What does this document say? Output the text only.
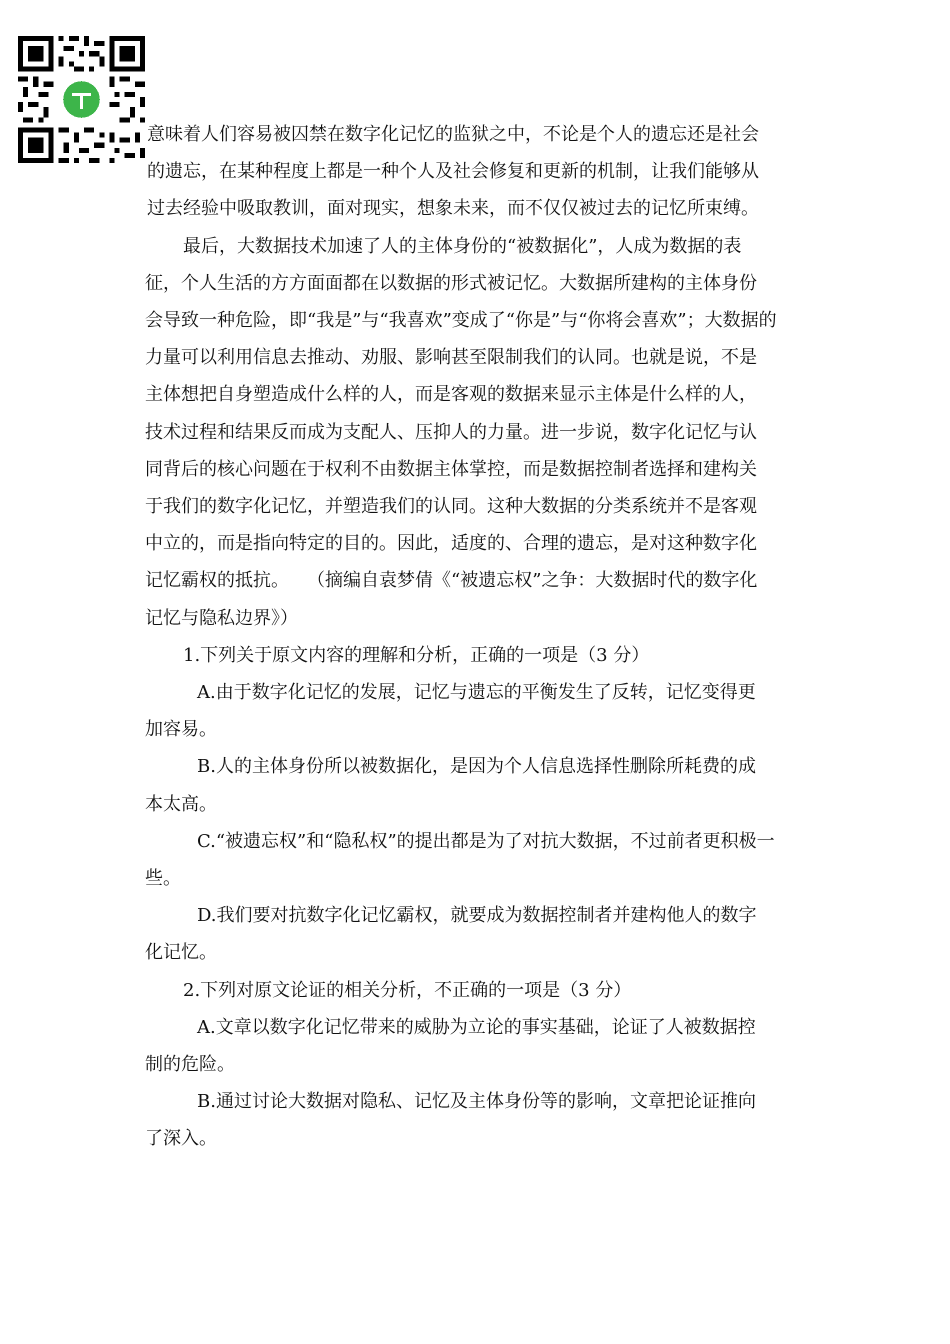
意味着人们容易被囚禁在数字化记忆的监狱之中，不论是个人的遗忘还是社会
的遗忘，在某种程度上都是一种个人及社会修复和更新的机制，让我们能够从
过去经验中吸取教训，面对现实，想象未来，而不仅仅被过去的记忆所束缚。
最后，大数据技术加速了人的主体身份的“被数据化”，人成为数据的表
征，个人生活的方方面面都在以数据的形式被记忆。大数据所建构的主体身份
会导致一种危险，即“我是”与“我喜欢”变成了“你是”与“你将会喜欢”；大数据的
力量可以利用信息去推动、劝服、影响甚至限制我们的认同。也就是说，不是
主体想把自身塑造成什么样的人，而是客观的数据来显示主体是什么样的人，
技术过程和结果反而成为支配人、压抑人的力量。进一步说，数字化记忆与认
同背后的核心问题在于权利不由数据主体掌控，而是数据控制者选择和建构关
于我们的数字化记忆，并塑造我们的认同。这种大数据的分类系统并不是客观
中立的，而是指向特定的目的。因此，适度的、合理的遗忘，是对这种数字化
记忆霸权的抵抗。　　（摘编自袁梦倩《“被遗忘权”之争：大数据时代的数字化
记忆与隐私边界》）
1.下列关于原文内容的理解和分析，正确的一项是（3 分）
A.由于数字化记忆的发展，记忆与遗忘的平衡发生了反转，记忆变得更
加容易。
B.人的主体身份所以被数据化，是因为个人信息选择性删除所耗费的成
本太高。
C.“被遗忘权”和“隐私权”的提出都是为了对抗大数据，不过前者更积极一
些。
D.我们要对抗数字化记忆霸权，就要成为数据控制者并建构他人的数字
化记忆。
2.下列对原文论证的相关分析，不正确的一项是（3 分）
A.文章以数字化记忆带来的威胁为立论的事实基础，论证了人被数据控
制的危险。
B.通过讨论大数据对隐私、记忆及主体身份等的影响，文章把论证推向
了深入。
